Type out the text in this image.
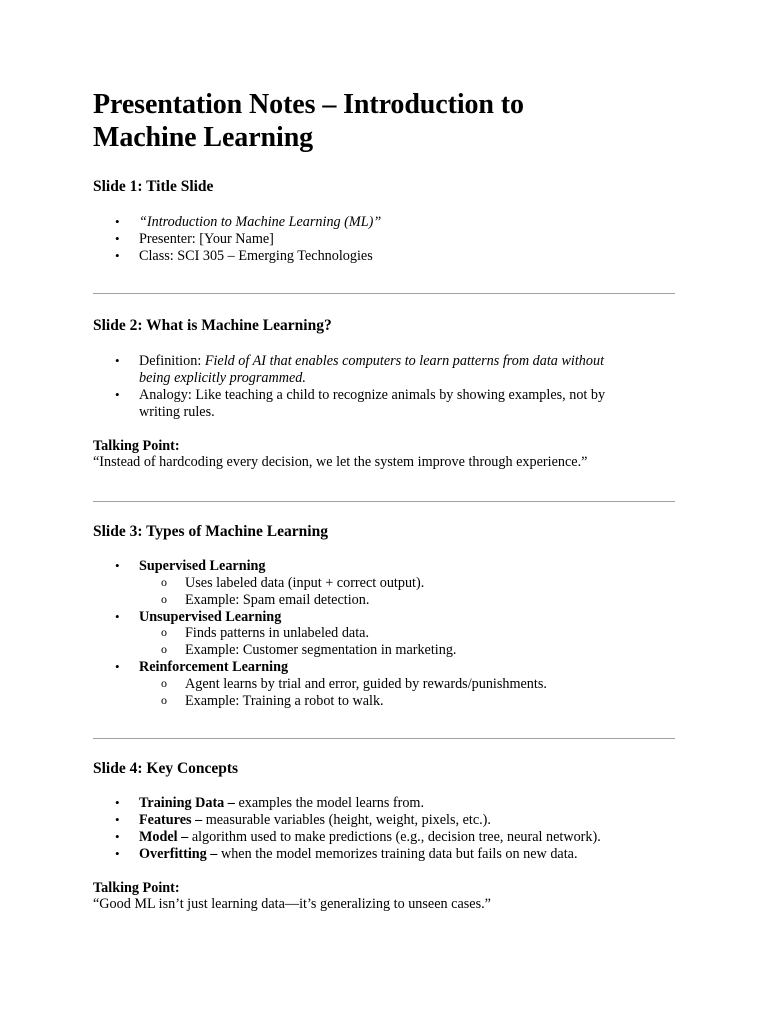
Presentation Notes – Introduction to
Machine Learning
Slide 1: Title Slide
• “Introduction to Machine Learning (ML)”
• Presenter: [Your Name]
• Class: SCI 305 – Emerging Technologies
Slide 2: What is Machine Learning?
• Definition: Field of AI that enables computers to learn patterns from data without
being explicitly programmed.
• Analogy: Like teaching a child to recognize animals by showing examples, not by
writing rules.
Talking Point:
“Instead of hardcoding every decision, we let the system improve through experience.”
Slide 3: Types of Machine Learning
• Supervised Learning
o Uses labeled data (input + correct output).
o Example: Spam email detection.
• Unsupervised Learning
o Finds patterns in unlabeled data.
o Example: Customer segmentation in marketing.
• Reinforcement Learning
o Agent learns by trial and error, guided by rewards/punishments.
o Example: Training a robot to walk.
Slide 4: Key Concepts
• Training Data – examples the model learns from.
• Features – measurable variables (height, weight, pixels, etc.).
• Model – algorithm used to make predictions (e.g., decision tree, neural network).
• Overfitting – when the model memorizes training data but fails on new data.
Talking Point:
“Good ML isn’t just learning data—it’s generalizing to unseen cases.”
